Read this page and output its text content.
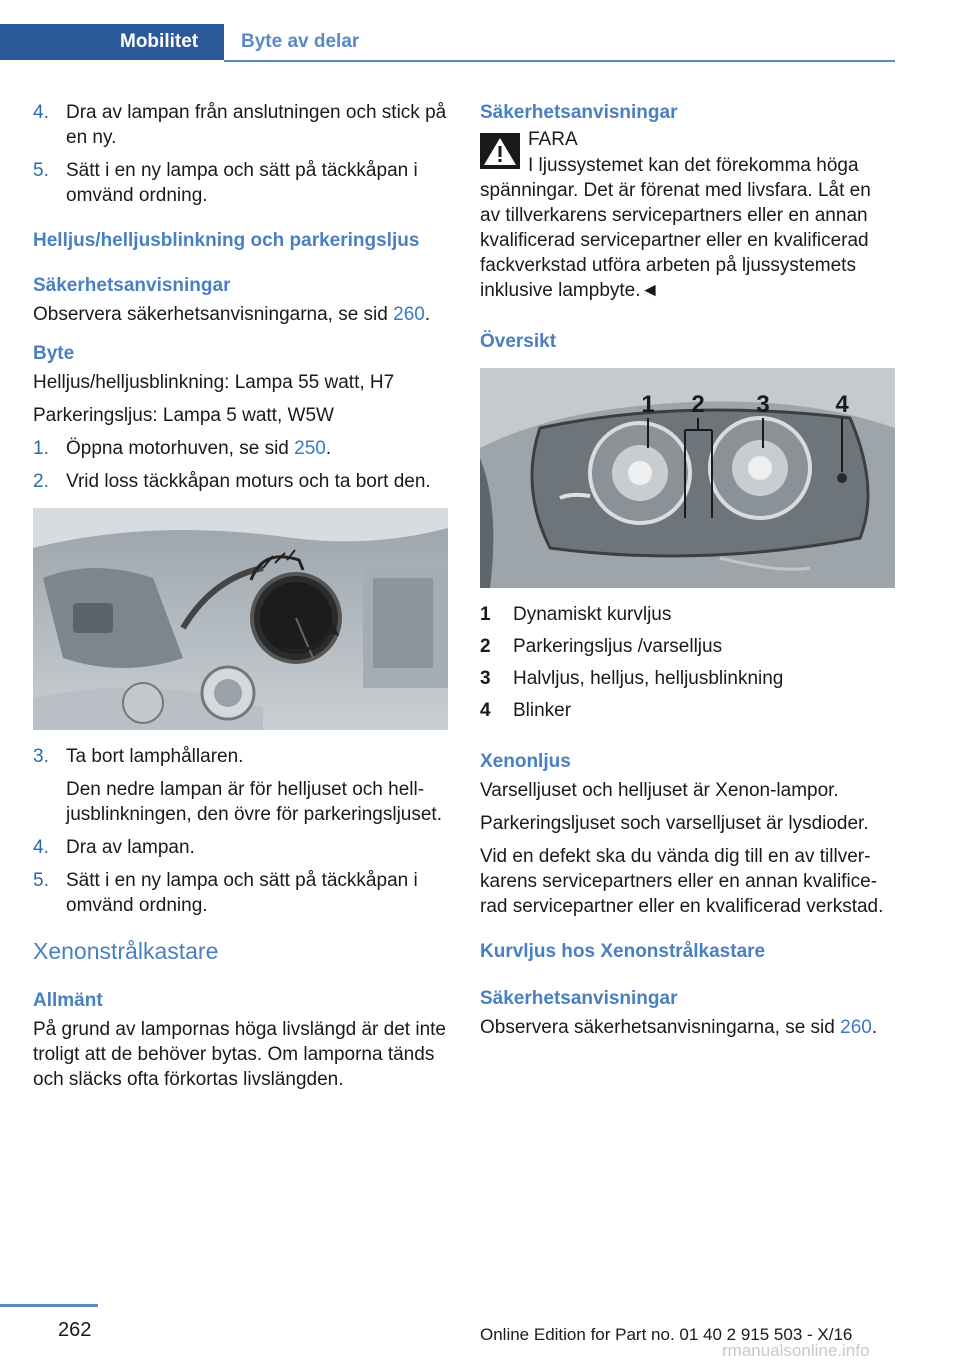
Mobilitet	Byte av delar
4. Dra av lampan från anslutningen och stick på en ny.
5. Sätt i en ny lampa och sätt på täckkåpan i omvänd ordning.
Helljus/helljusblinkning och parkeringsljus
Säkerhetsanvisningar
Observera säkerhetsanvisningarna, se sid 260.
Byte
Helljus/helljusblinkning: Lampa 55 watt, H7
Parkeringsljus: Lampa 5 watt, W5W
1. Öppna motorhuven, se sid 250.
2. Vrid loss täckkåpan moturs och ta bort den.
3. Ta bort lamphållaren.
Den nedre lampan är för helljuset och helljusblinkningen, den övre för parkeringsljuset.
4. Dra av lampan.
5. Sätt i en ny lampa och sätt på täckkåpan i omvänd ordning.
Xenonstrålkastare
Allmänt
På grund av lampornas höga livslängd är det inte troligt att de behöver bytas. Om lamporna tänds och släcks ofta förkortas livslängden.
Säkerhetsanvisningar
FARA
I ljussystemet kan det förekomma höga spänningar. Det är förenat med livsfara. Låt en av tillverkarens servicepartners eller en annan kvalificerad servicepartner eller en kvalificerad fackverkstad utföra arbeten på ljussystemets inklusive lampbyte.◄
Översikt
1 2 3	4
1 Dynamiskt kurvljus
2 Parkeringsljus /varselljus
3 Halvljus, helljus, helljusblinkning
4 Blinker
Xenonljus
Varselljuset och helljuset är Xenon-lampor.
Parkeringsljuset soch varselljuset är lysdioder.
Vid en defekt ska du vända dig till en av tillverkarens servicepartners eller en annan kvalificerad servicepartner eller en kvalificerad verkstad.
Kurvljus hos Xenonstrålkastare
Säkerhetsanvisningar
Observera säkerhetsanvisningarna, se sid 260.
262	Online Edition for Part no. 01 40 2 915 503 - X/16
rmanualsonline.info
